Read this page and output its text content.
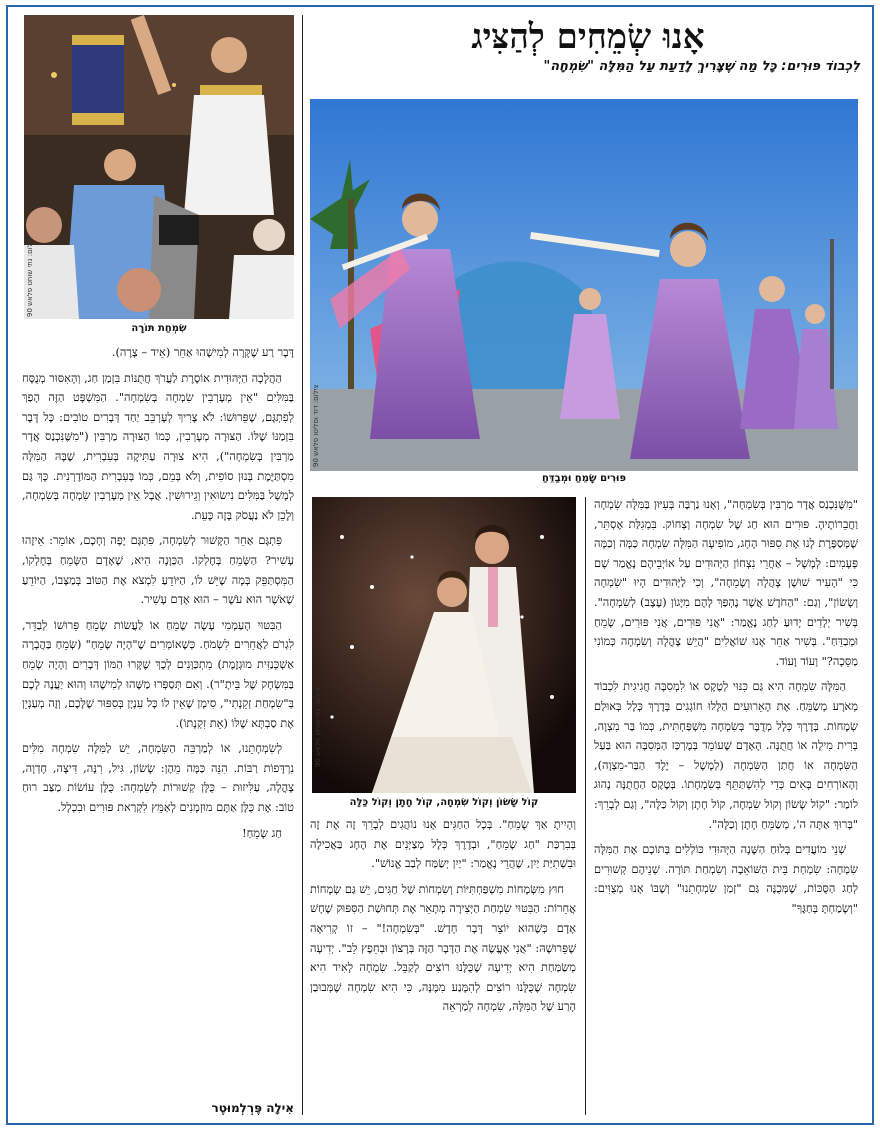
אָנוּ שְׂמֵחִים לְהַצִּיג
לִכְבוֹד פּוּרִים: כָּל מַה שֶּׁצָּרִיךְ לָדַעַת עַל הַמִּלָּה "שִׂמְחָה"
צילום: דוד וסליטו פלאש 90
פּוּרִים שָׂמֵחַ וּמְבַדֵּחַ
צילום: נתי שוחט פלאש 90
שִׂמְחַת תּוֹרָה
צילום: נתי שוחט פלאש 90
קוֹל שָׂשׂוֹן וְקוֹל שִׂמְחָה, קוֹל חָתָן וְקוֹל כַּלָּה

"מִשֶּׁנִּכְנַס אֲדָר מַרְבִּין בְּשִׂמְחָה", וְאָנוּ נַרְבֶּה בְּעִיּוּן בַּמִּלָּה שִׂמְחָה וַחֲבֵרוֹתֶיהָ. פּוּרִים הוּא חַג שֶׁל שִׂמְחָה וְצְחוֹק. בִּמְגִלַּת אֶסְתֵּר, שֶׁמְּסַפֶּרֶת לָנוּ אֶת סִפּוּר הֶחָג, מוֹפִיעָה הַמִּלָּה שִׂמְחָה כַּמָּה וְכַמָּה פְּעָמִים: לְמָשָׁל – אַחֲרֵי נִצְחוֹן הַיְּהוּדִים עַל אוֹיְבֵיהֶם נֶאֱמַר שָׁם כִּי "הָעִיר שׁוּשָׁן צָהֲלָה וְשָׂמֵחָה", וְכִי לַיְּהוּדִים הָיוּ "שִׂמְחָה וְשָׂשׂוֹן", וְגַם: "הַחֹדֶשׁ אֲשֶׁר נֶהְפַּךְ לָהֶם מִיָּגוֹן (עֶצֶב) לְשִׂמְחָה". בְּשִׁיר יְלָדִים יָדוּעַ לַחַג נֶאֱמַר: "אֲנִי פּוּרִים, אֲנִי פּוּרִים, שָׂמֵחַ וּמְבַדֵּחַ". בְּשִׁיר אַחֵר אָנוּ שׁוֹאֲלִים "הֲיֵשׁ צָהֳלָה וְשִׂמְחָה כְּמוֹנִי מַסֵּכָה?" וְעוֹד וָעוֹד.

הַמִּלָּה שִׂמְחָה הִיא גַּם כִּנּוּי לְטֶקֶס אוֹ לִמְסִבָּה חֲגִיגִית לִכְבוֹד מְאֹרָע מְשַׂמֵּחַ. אֶת הָאֵרוּעִים הַלָּלוּ חוֹגְגִים בְּדֶרֶךְ כְּלָל בְּאוּלַם שְׂמָחוֹת. בְּדֶרֶךְ כְּלָל מְדֻבָּר בְּשִׂמְחָה מִשְׁפַּחְתִּית, כְּמוֹ בַּר מִצְוָה, בְּרִית מִילָה אוֹ חֲתֻנָּה. הָאָדָם שֶׁעוֹמֵד בְּמֶרְכַּז הַמְּסִבָּה הוּא בַּעַל הַשִּׂמְחָה אוֹ חֲתַן הַשִּׂמְחָה (לְמָשָׁל – יֶלֶד הַבַּר-מִצְוָה), וְהָאוֹרְחִים בָּאִים כְּדֵי לְהִשְׁתַּתֵּף בְּשִׂמְחָתוֹ. בְּטֶקֶס הַחֲתֻנָּה נָהוּג לוֹמַר: "קוֹל שָׂשׂוֹן וְקוֹל שִׂמְחָה, קוֹל חָתָן וְקוֹל כַּלָּה", וְגַם לְבָרֵךְ: "בָּרוּךְ אַתָּה ה', מְשַׂמֵּחַ חָתָן וְכַלָּה".

שְׁנֵי מוֹעֲדִים בְּלוּחַ הַשָּׁנָה הַיְּהוּדִי כּוֹלְלִים בְּתוֹכָם אֶת הַמִּלָּה שִׂמְחָה: שִׂמְחַת בֵּית הַשּׁוֹאֵבָה וְשִׂמְחַת תּוֹרָה. שְׁנֵיהֶם קְשׁוּרִים לְחַג הַסֻּכּוֹת, שֶׁמְּכֻנֶּה גַּם "זְמַן שִׂמְחָתֵנוּ" וְשֶׁבּוֹ אָנוּ מְצֻוִּים: "וְשָׂמַחְתָּ בְּחַגֶּךָ"

וְהָיִיתָ אַךְ שָׂמֵחַ". בְּכָל הַחַגִּים אָנוּ נוֹהֲגִים לְבָרֵךְ זֶה אֶת זֶה בְּבִרְכַּת "חַג שָׂמֵחַ", וּבְדֶרֶךְ כְּלָל מְצַיְּנִים אֶת הֶחָג בַּאֲכִילָה וּבִשְׁתִיַּת יַיִן, שֶׁהֲרֵי נֶאֱמַר: "יַיִן יְשַׂמַּח לְבַב אֱנוֹשׁ".

חוּץ מִשְּׂמָחוֹת מִשְׁפַּחְתִּיּוֹת וְשִׂמְחוֹת שֶׁל חַגִּים, יֵשׁ גַּם שְׂמָחוֹת אֲחֵרוֹת: הַבִּטּוּי שִׂמְחַת הַיְּצִירָה מְתָאֵר אֶת תְּחוּשַׁת הַסִּפּוּק שֶׁחָשׁ אָדָם כְּשֶׁהוּא יוֹצֵר דָּבָר חָדָשׁ. "בְּשִׂמְחָה!" – זוֹ קְרִיאָה שֶׁפֵּרוּשָׁהּ: "אֲנִי אֶעֱשֶׂה אֶת הַדָּבָר הַזֶּה בְּרָצוֹן וּבְחֵפֶץ לֵב". יְדִיעָה מְשַׂמַּחַת הִיא יְדִיעָה שֶׁכֻּלָּנוּ רוֹצִים לְקַבֵּל. שִׂמְחָה לָאִיד הִיא שִׂמְחָה שֶׁכֻּלָּנוּ רוֹצִים לְהִמָּנַע מִמֶּנָּה, כִּי הִיא שִׂמְחָה שֶׁמְּבוּבַן הָרַע שֶׁל הַמִּלָּה, שִׂמְחָה לְמַרְאֵה

דָּבָר רַע שֶׁקָּרָה לְמִישֶׁהוּ אַחֵר (אֵיד – צָרָה).

הַהֲלָכָה הַיְּהוּדִית אוֹסֶרֶת לַעֲרֹךְ חֲתֻנּוֹת בִּזְמַן חַג, וְהָאִסּוּר מְנֻסָּח בַּמִּלִּים "אֵין מְעָרְבִין שִׂמְחָה בְּשִׂמְחָה". הַמִּשְׁפָּט הַזֶּה הָפַךְ לְפִתְגָּם, שֶׁפֵּרוּשׁוֹ: לֹא צָרִיךְ לְעָרְבֵּב יַחַד דְּבָרִים טוֹבִים: כָּל דָּבָר בִּזְמַנּוֹ שֶׁלּוֹ. הַצּוּרָה מְעָרְבִין, כְּמוֹ הַצּוּרָה מַרְבִּין ("מִשֶּׁנִּכְנַס אֲדָר מַרְבִּין בְּשִׂמְחָה"), הִיא צוּרָה עַתִּיקָה בְּעִבְרִית, שֶׁבָּהּ הַמִּלָּה מִסְתַּיֶּמֶת בְּנוּן סוֹפִית, וְלֹא בְּמֵם, כְּמוֹ בְּעִבְרִית הַמּוֹדֶרְנִית. כָּךְ גַּם לְמָשָׁל בַּמִּלִּים נִישׂוּאִין וְגֵירוּשִׁין. אֲבָל אֵין מְעָרְבִין שִׂמְחָה בְּשִׂמְחָה, וְלָכֵן לֹא נַעֲסֹק בָּזֶה כָּעֵת.

פִּתְגָּם אַחֵר הַקָּשׁוּר לְשִׂמְחָה, פִּתְגָּם יָפֶה וְחָכָם, אוֹמֵר: אֵיזֶהוּ עָשִׁיר? הַשָּׂמֵחַ בְּחֶלְקוֹ. הַכַּוָּנָה הִיא, שֶׁאָדָם הַשָּׂמֵחַ בְּחֶלְקוֹ, הַמִּסְתַּפֵּק בְּמָה שֶׁיֵּשׁ לוֹ, הַיּוֹדֵעַ לִמְצֹא אֶת הַטּוֹב בְּמַצָּבוֹ, הַיּוֹדֵעַ שֶׁאֹשֶׁר הוּא עֹשֶׁר – הוּא אָדָם עָשִׁיר.

הַבִּטּוּי הָעַמְמִי עָשָׂה שָׂמֵחַ אוֹ לַעֲשׂוֹת שָׂמֵחַ פֵּרוּשׁוֹ לְבַדֵּר, לִגְרֹם לַאֲחֵרִים לִשְׂמֹחַ. כְּשֶׁאוֹמְרִים שֶׁ"הָיָה שָׂמֵחַ" (שְׂמֵחַ בַּהֲבָרָה אַשְׁכְּנַזִּית מוּגְזֶמֶת) מִתְכַּוְּנִים לְכָךְ שֶׁקָּרוּ הַמּוֹן דְּבָרִים וְהָיָה שָׂמֵחַ בַּמִּשְׂחָק שֶׁל בֵּיתָ"ר). וְאִם תְּסַפְּרוּ מַשֶּׁהוּ לְמִישֶׁהוּ וְהוּא יַעֲנֶה לָכֶם בְּ"שִׂמְחַת זְקֵנָתִי", סִימָן שֶׁאֵין לוֹ כָּל עִנְיָן בְּסִפּוּר שֶׁלָּכֶם, וְזֶה מְעַנְיֵן אֶת סַבְתָּא שֶׁלּוֹ (אֵת זִקְנָתוֹ).

לְשִׂמְחָתֵנוּ, אוֹ לְמַרְבֵּה הַשִּׂמְחָה, יֵשׁ לַמִּלָּה שִׂמְחָה מִלִּים נִרְדָּפוֹת רַבּוֹת. הִנֵּה כַּמָּה מֵהֶן: שָׂשׂוֹן, גִּיל, רִנָּה, דִּיצָה, חֶדְוָה, צָהֳלָה, עַלִּיזוּת – כֻּלָּן קְשׁוּרוֹת לְשִׂמְחָה: כֻּלָּן עוֹשׂוֹת מַצַּב רוּחַ טוֹב: אֶת כֻּלָּן אַתֶּם מוּזְמָנִים לְאַמֵּץ לִקְרַאת פּוּרִים וּבִכְלָל.

חַג שָׂמֵחַ!

אִילָה פֶּרְלְמוּטֶר
